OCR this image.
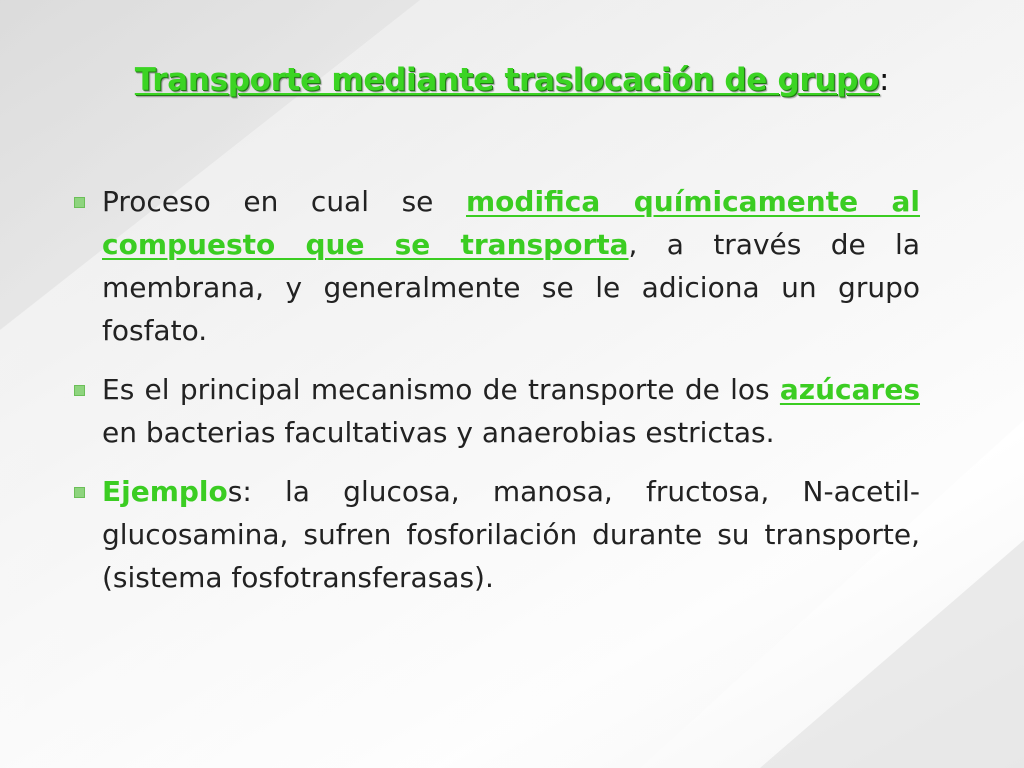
Transporte mediante traslocación de grupo:
Proceso en cual se modifica químicamente al compuesto que se transporta, a través de la membrana, y generalmente se le adiciona un grupo fosfato.
Es el principal mecanismo de transporte de los azúcares en bacterias facultativas y anaerobias estrictas.
Ejemplos: la glucosa, manosa, fructosa, N-acetil-glucosamina, sufren fosforilación durante su transporte, (sistema fosfotransferasas).
